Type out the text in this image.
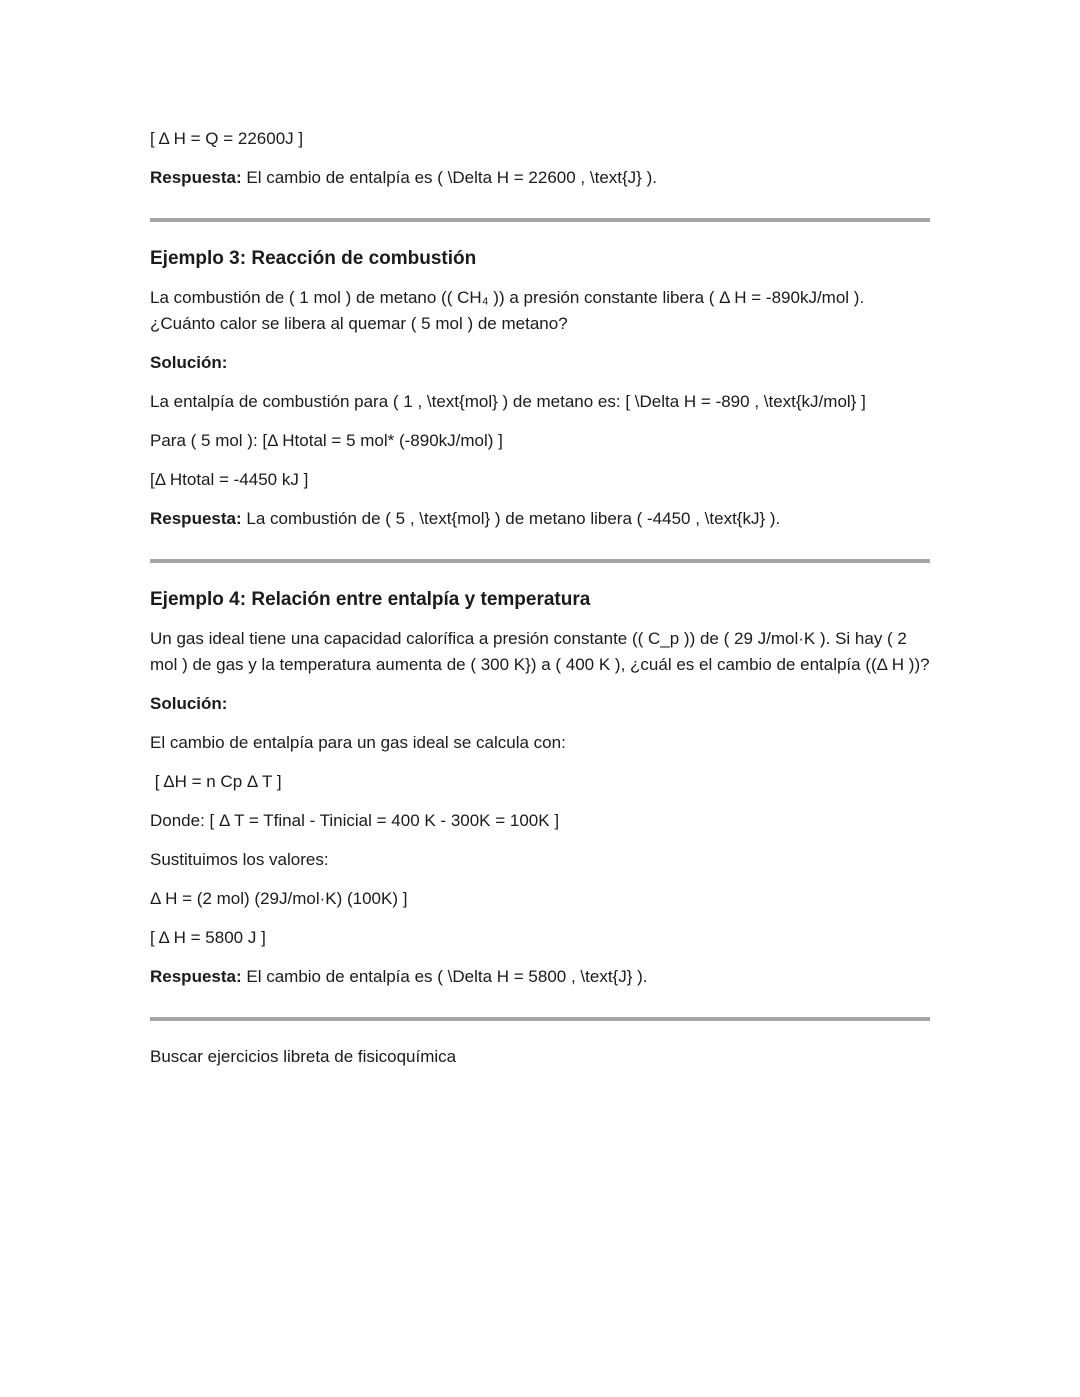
[ Δ H = Q = 22600J ]

Respuesta: El cambio de entalpía es ( \Delta H = 22600 , \text{J} ).

Ejemplo 3: Reacción de combustión

La combustión de ( 1 mol ) de metano (( CH₄ )) a presión constante libera ( Δ H = -890kJ/mol ). ¿Cuánto calor se libera al quemar ( 5 mol ) de metano?

Solución:

La entalpía de combustión para ( 1 , \text{mol} ) de metano es: [ \Delta H = -890 , \text{kJ/mol} ]

Para ( 5 mol ): [Δ Htotal = 5 mol* (-890kJ/mol) ]

[Δ Htotal = -4450 kJ ]

Respuesta: La combustión de ( 5 , \text{mol} ) de metano libera ( -4450 , \text{kJ} ).

Ejemplo 4: Relación entre entalpía y temperatura

Un gas ideal tiene una capacidad calorífica a presión constante (( C_p )) de ( 29 J/mol·K ). Si hay ( 2 mol ) de gas y la temperatura aumenta de ( 300 K}) a ( 400 K ), ¿cuál es el cambio de entalpía ((Δ H ))?

Solución:

El cambio de entalpía para un gas ideal se calcula con:

[ ΔH = n Cp Δ T ]

Donde: [ Δ T = Tfinal - Tinicial = 400 K - 300K = 100K ]

Sustituimos los valores:

Δ H = (2 mol) (29J/mol·K) (100K) ]

[ Δ H = 5800 J ]

Respuesta: El cambio de entalpía es ( \Delta H = 5800 , \text{J} ).

Buscar ejercicios libreta de fisicoquímica
